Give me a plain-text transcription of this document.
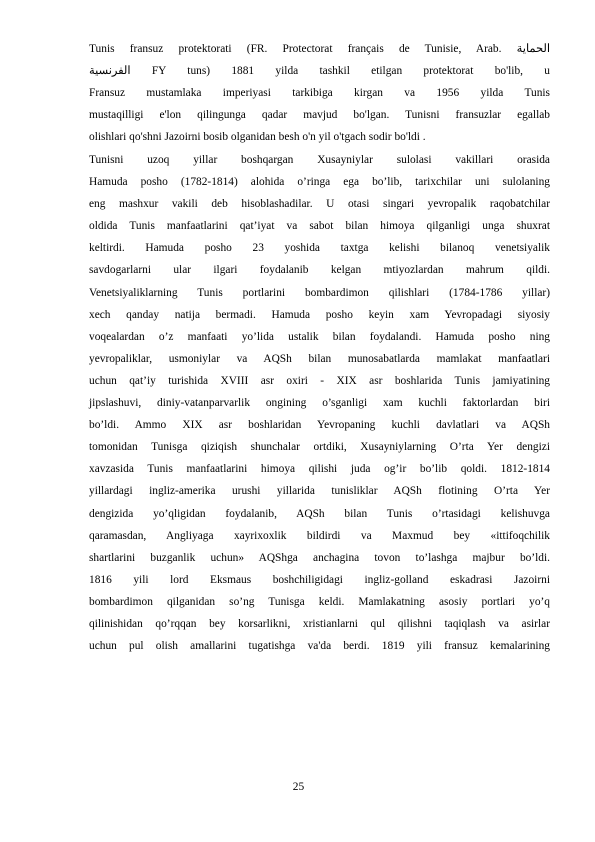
Tunis fransuz protektorati (FR. Protectorat français de Tunisie, Arab. الحماية
الفرنسية FY tuns) 1881 yilda tashkil etilgan protektorat bo'lib, u
Fransuz mustamlaka imperiyasi tarkibiga kirgan va 1956 yilda Tunis
mustaqilligi e'lon qilingunga qadar mavjud bo'lgan. Tunisni fransuzlar egallab
olishlari qo'shni Jazoirni bosib olganidan besh o'n yil o'tgach sodir bo'ldi .

Tunisni uzoq yillar boshqargan Xusayniylar sulolasi vakillari orasida
Hamuda posho (1782-1814) alohida o’ringa ega bo’lib, tarixchilar uni sulolaning
eng mashxur vakili deb hisoblashadilar. U otasi singari yevropalik raqobatchilar
oldida Tunis manfaatlarini qat’iyat va sabot bilan himoya qilganligi unga shuxrat
keltirdi. Hamuda posho 23 yoshida taxtga kelishi bilanoq venetsiyalik
savdogarlarni ular ilgari foydalanib kelgan mtiyozlardan mahrum qildi.
Venetsiyaliklarning Tunis portlarini bombardimon qilishlari (1784-1786 yillar)
xech qanday natija bermadi. Hamuda posho keyin xam Yevropadagi siyosiy
voqealardan o’z manfaati yo’lida ustalik bilan foydalandi. Hamuda posho ning
yevropaliklar, usmoniylar va AQSh bilan munosabatlarda mamlakat manfaatlari
uchun qat’iy turishida XVIII asr oxiri - XIX asr boshlarida Tunis jamiyatining
jipslashuvi, diniy-vatanparvarlik ongining o’sganligi xam kuchli faktorlardan biri
bo’ldi. Ammo XIX asr boshlaridan Yevropaning kuchli davlatlari va AQSh
tomonidan Tunisga qiziqish shunchalar ortdiki, Xusayniylarning O’rta Yer dengizi
xavzasida Tunis manfaatlarini himoya qilishi juda og’ir bo’lib qoldi. 1812-1814
yillardagi ingliz-amerika urushi yillarida tunisliklar AQSh flotining O’rta Yer
dengizida yo’qligidan foydalanib, AQSh bilan Tunis o’rtasidagi kelishuvga
qaramasdan, Angliyaga xayrixoxlik bildirdi va Maxmud bey «ittifoqchilik
shartlarini buzganlik uchun» AQShga anchagina tovon to’lashga majbur bo’ldi.
1816 yili lord Eksmaus boshchiligidagi ingliz-golland eskadrasi Jazoirni
bombardimon qilganidan so’ng Tunisga keldi. Mamlakatning asosiy portlari yo’q
qilinishidan qo’rqqan bey korsarlikni, xristianlarni qul qilishni taqiqlash va asirlar
uchun pul olish amallarini tugatishga va'da berdi. 1819 yili fransuz kemalarining

25
